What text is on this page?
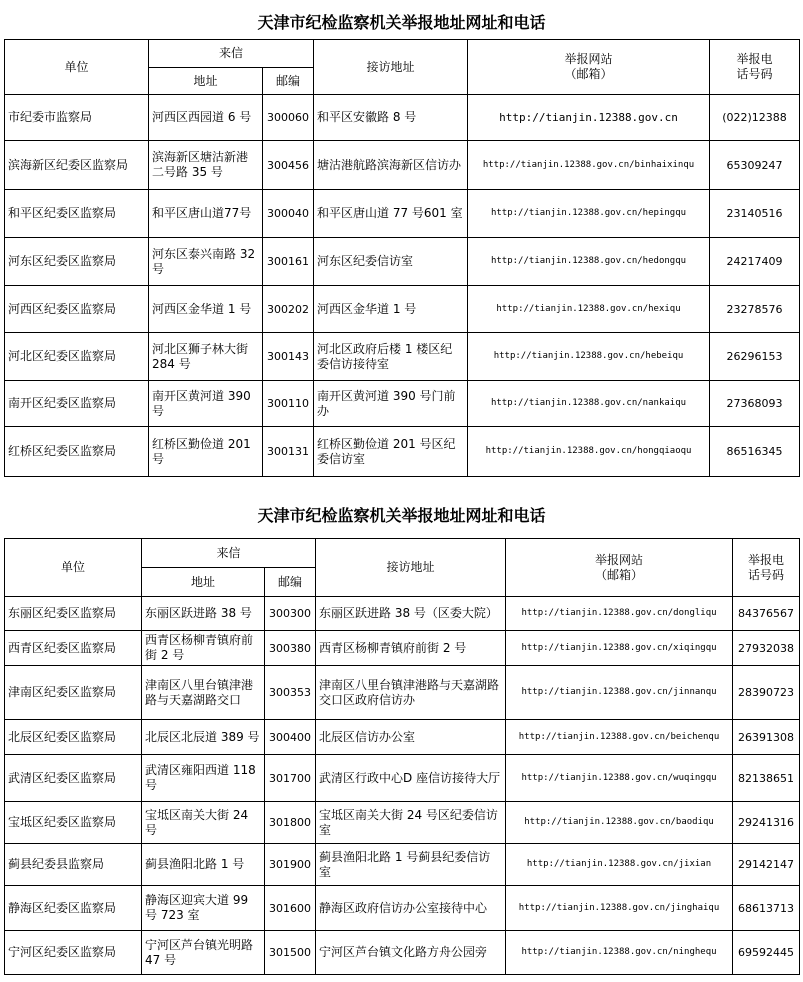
天津市纪检监察机关举报地址网址和电话
单位	来信		接访地址	举报网站
（邮箱）	举报电
话号码
	地址	邮编			
市纪委市监察局	河西区西园道 6 号	300060	和平区安徽路 8 号	http://tianjin.12388.gov.cn	(022)12388
滨海新区纪委区监察局	滨海新区塘沽新港二号路 35 号	300456	塘沽港航路滨海新区信访办	http://tianjin.12388.gov.cn/binhaixinqu	65309247
和平区纪委区监察局	和平区唐山道77号	300040	和平区唐山道 77 号601 室	http://tianjin.12388.gov.cn/hepingqu	23140516
河东区纪委区监察局	河东区泰兴南路 32 号	300161	河东区纪委信访室	http://tianjin.12388.gov.cn/hedongqu	24217409
河西区纪委区监察局	河西区金华道 1 号	300202	河西区金华道 1 号	http://tianjin.12388.gov.cn/hexiqu	23278576
河北区纪委区监察局	河北区狮子林大街 284 号	300143	河北区政府后楼 1 楼区纪委信访接待室	http://tianjin.12388.gov.cn/hebeiqu	26296153
南开区纪委区监察局	南开区黄河道 390 号	300110	南开区黄河道 390 号门前办	http://tianjin.12388.gov.cn/nankaiqu	27368093
红桥区纪委区监察局	红桥区勤俭道 201 号	300131	红桥区勤俭道 201 号区纪委信访室	http://tianjin.12388.gov.cn/hongqiaoqu	86516345
天津市纪检监察机关举报地址网址和电话
单位	来信		接访地址	举报网站
（邮箱）	举报电
话号码
	地址	邮编			
东丽区纪委区监察局	东丽区跃进路 38 号	300300	东丽区跃进路 38 号（区委大院）	http://tianjin.12388.gov.cn/dongliqu	84376567
西青区纪委区监察局	西青区杨柳青镇府前街 2 号	300380	西青区杨柳青镇府前街 2 号	http://tianjin.12388.gov.cn/xiqingqu	27932038
津南区纪委区监察局	津南区八里台镇津港路与天嘉湖路交口	300353	津南区八里台镇津港路与天嘉湖路交口区政府信访办	http://tianjin.12388.gov.cn/jinnanqu	28390723
北辰区纪委区监察局	北辰区北辰道 389 号	300400	北辰区信访办公室	http://tianjin.12388.gov.cn/beichenqu	26391308
武清区纪委区监察局	武清区雍阳西道 118 号	301700	武清区行政中心D 座信访接待大厅	http://tianjin.12388.gov.cn/wuqingqu	82138651
宝坻区纪委区监察局	宝坻区南关大街 24 号	301800	宝坻区南关大街 24 号区纪委信访室	http://tianjin.12388.gov.cn/baodiqu	29241316
蓟县纪委县监察局	蓟县渔阳北路 1 号	301900	蓟县渔阳北路 1 号蓟县纪委信访室	http://tianjin.12388.gov.cn/jixian	29142147
静海区纪委区监察局	静海区迎宾大道 99 号 723 室	301600	静海区政府信访办公室接待中心	http://tianjin.12388.gov.cn/jinghaiqu	68613713
宁河区纪委区监察局	宁河区芦台镇光明路 47 号	301500	宁河区芦台镇文化路方舟公园旁	http://tianjin.12388.gov.cn/ninghequ	69592445
